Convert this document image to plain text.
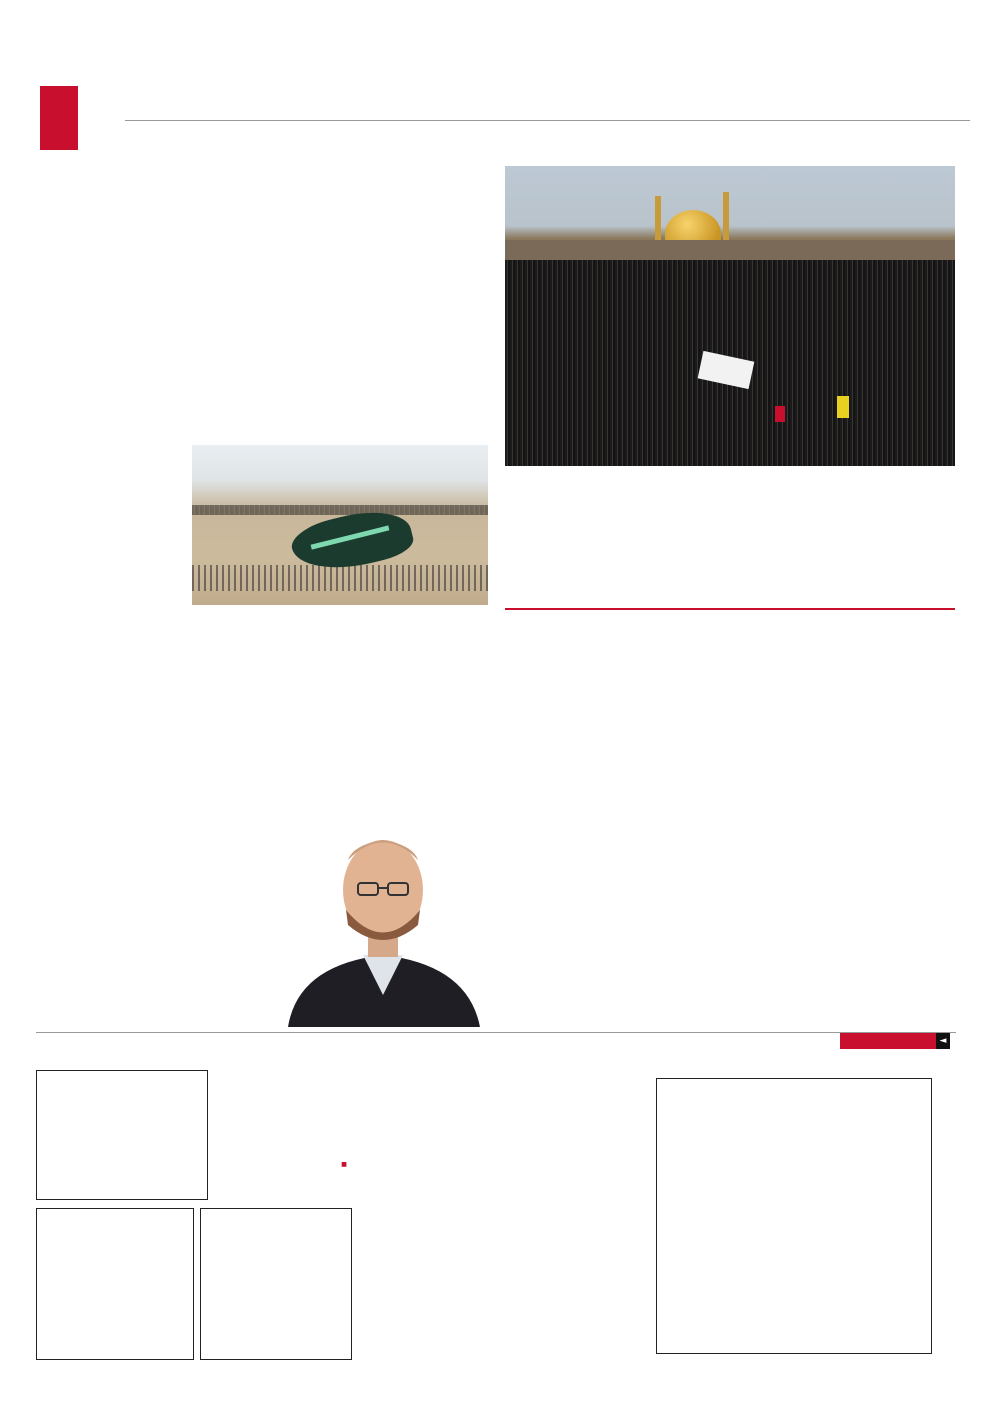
◄
■
